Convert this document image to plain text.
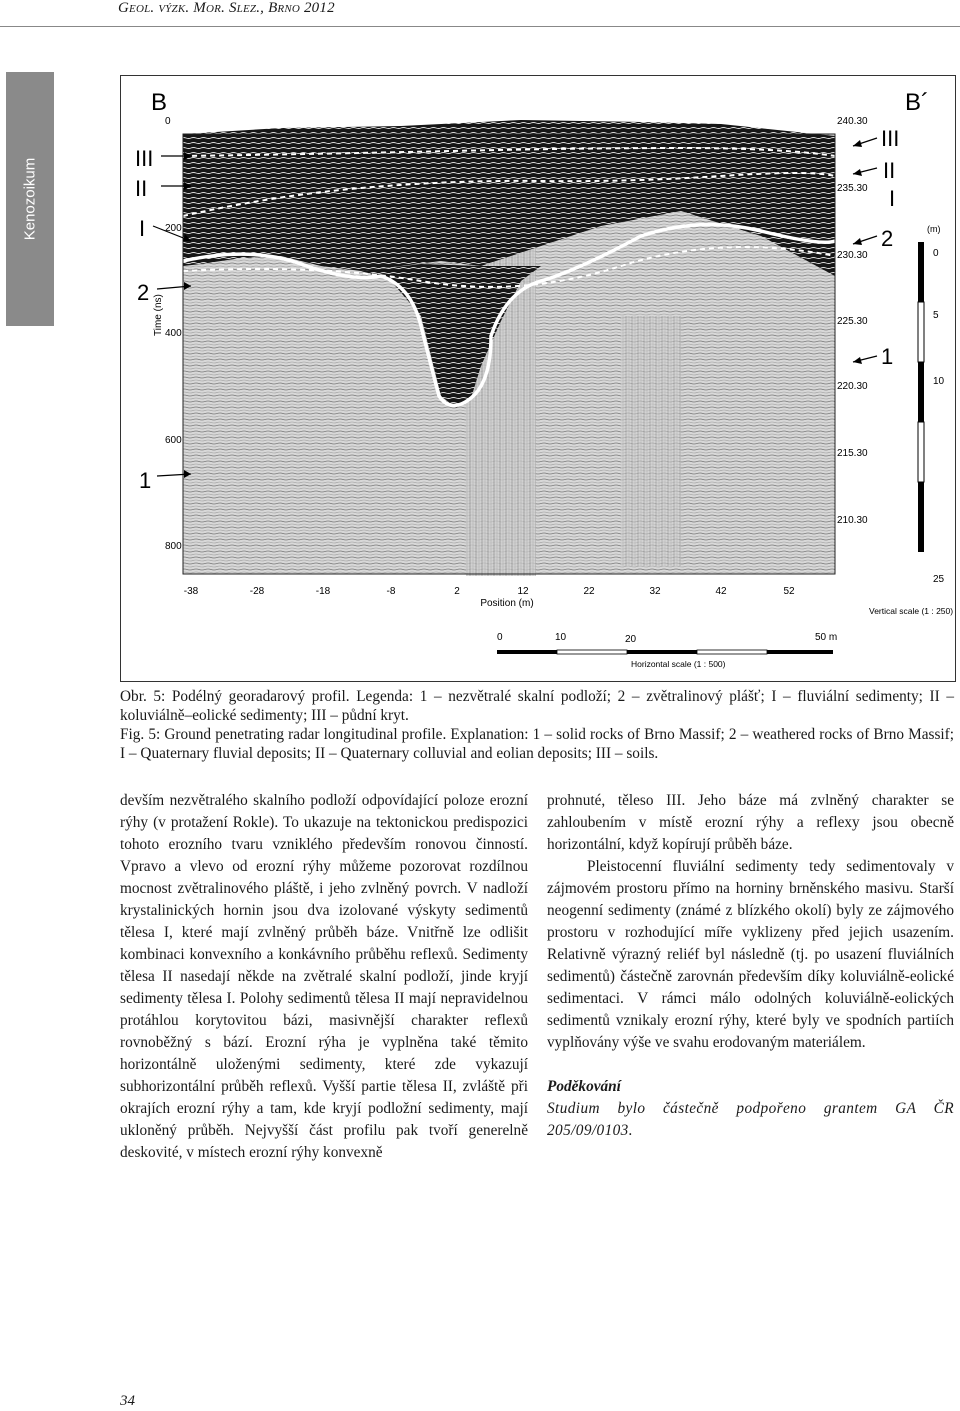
Geol. výzk. Mor. Slez., Brno 2012
Kenozoikum
B	B´
III
II
I
2
1
Time (ns)
0
200
400
600
800
240.30
235.30
230.30
225.30
220.30
215.30
210.30
III
II
I
2
1
(m)
0
5
10
25
Vertical scale (1 : 250)
-38	-28	-18	-8	2	12	22	32	42	52
Position (m)
0	10	20	50 m
Horizontal scale (1 : 500)

Obr. 5: Podélný georadarový profil. Legenda: 1 – nezvětralé skalní podloží; 2 – zvětralinový plášť; I – fluviální sedimenty; II – koluviálně–eolické sedimenty; III – půdní kryt.

Fig. 5: Ground penetrating radar longitudinal profile. Explanation: 1 – solid rocks of Brno Massif; 2 – weathered rocks of Brno Massif; I – Quaternary fluvial deposits; II – Quaternary colluvial and eolian deposits; III – soils.

devším nezvětralého skalního podloží odpovídající poloze erozní rýhy (v protažení Rokle). To ukazuje na tektonickou predispozici tohoto erozního tvaru vzniklého především ronovou činností. Vpravo a vlevo od erozní rýhy můžeme pozorovat rozdílnou mocnost zvětralinového pláště, i jeho zvlněný povrch. V nadloží krystalinických hornin jsou dva izolované výskyty sedimentů tělesa I, které mají zvlněný průběh báze. Vnitřně lze odlišit kombinaci konvexního a konkávního průběhu reflexů. Sedimenty tělesa II nasedají někde na zvětralé skalní podloží, jinde kryjí sedimenty tělesa I. Polohy sedimentů tělesa II mají nepravidelnou protáhlou korytovitou bázi, masivnější charakter reflexů rovnoběžný s bází. Erozní rýha je vyplněna také těmito horizontálně uloženými sedimenty, které zde vykazují subhorizontální průběh reflexů. Vyšší partie tělesa II, zvláště při okrajích erozní rýhy a tam, kde kryjí podložní sedimenty, mají ukloněný průběh. Nejvyšší část profilu pak tvoří generelně deskovité, v místech erozní rýhy konvexně

prohnuté, těleso III. Jeho báze má zvlněný charakter se zahloubením v místě erozní rýhy a reflexy jsou obecně horizontální, když kopírují průběh báze.

Pleistocenní fluviální sedimenty tedy sedimentovaly v zájmovém prostoru přímo na horniny brněnského masivu. Starší neogenní sedimenty (známé z blízkého okolí) byly ze zájmového prostoru v rozhodující míře vyklizeny před jejich usazením. Relativně výrazný reliéf byl následně (tj. po usazení fluviálních sedimentů) částečně zarovnán především díky koluviálně-eolické sedimentaci. V rámci málo odolných koluviálně-eolických sedimentů vznikaly erozní rýhy, které byly ve spodních partiích vyplňovány výše ve svahu erodovaným materiálem.

Poděkování

Studium bylo částečně podpořeno grantem GA ČR 205/09/0103.

34
